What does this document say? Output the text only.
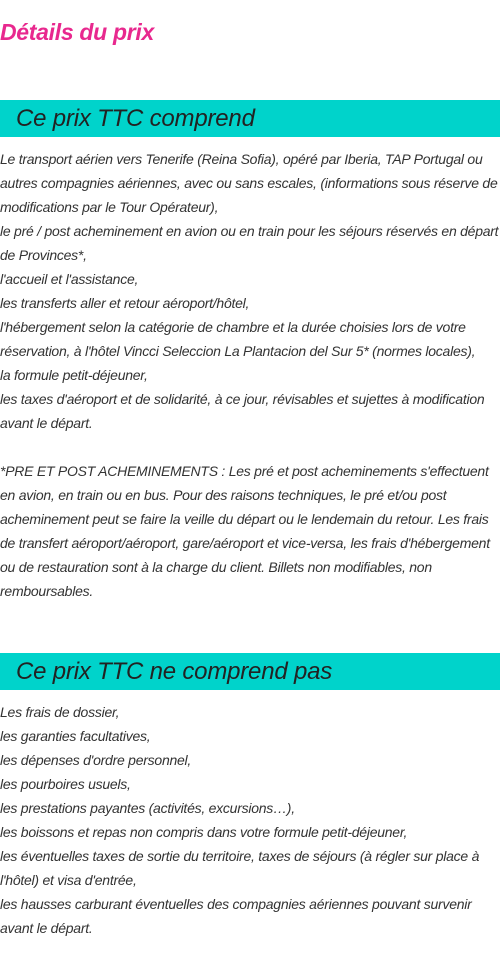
Détails du prix
Ce prix TTC comprend

Le transport aérien vers Tenerife (Reina Sofia), opéré par Iberia, TAP Portugal ou autres compagnies aériennes, avec ou sans escales, (informations sous réserve de modifications par le Tour Opérateur),

le pré / post acheminement en avion ou en train pour les séjours réservés en départ de Provinces*,

l'accueil et l'assistance,

les transferts aller et retour aéroport/hôtel,

l'hébergement selon la catégorie de chambre et la durée choisies lors de votre réservation, à l'hôtel Vincci Seleccion La Plantacion del Sur 5* (normes locales),

la formule petit-déjeuner,

les taxes d'aéroport et de solidarité, à ce jour, révisables et sujettes à modification avant le départ.

*PRE ET POST ACHEMINEMENTS : Les pré et post acheminements s'effectuent en avion, en train ou en bus. Pour des raisons techniques, le pré et/ou post acheminement peut se faire la veille du départ ou le lendemain du retour. Les frais de transfert aéroport/aéroport, gare/aéroport et vice-versa, les frais d'hébergement ou de restauration sont à la charge du client. Billets non modifiables, non remboursables.

Ce prix TTC ne comprend pas

Les frais de dossier,

les garanties facultatives,

les dépenses d'ordre personnel,

les pourboires usuels,

les prestations payantes (activités, excursions…),

les boissons et repas non compris dans votre formule petit-déjeuner,

les éventuelles taxes de sortie du territoire, taxes de séjours (à régler sur place à l'hôtel) et visa d'entrée,

les hausses carburant éventuelles des compagnies aériennes pouvant survenir avant le départ.
